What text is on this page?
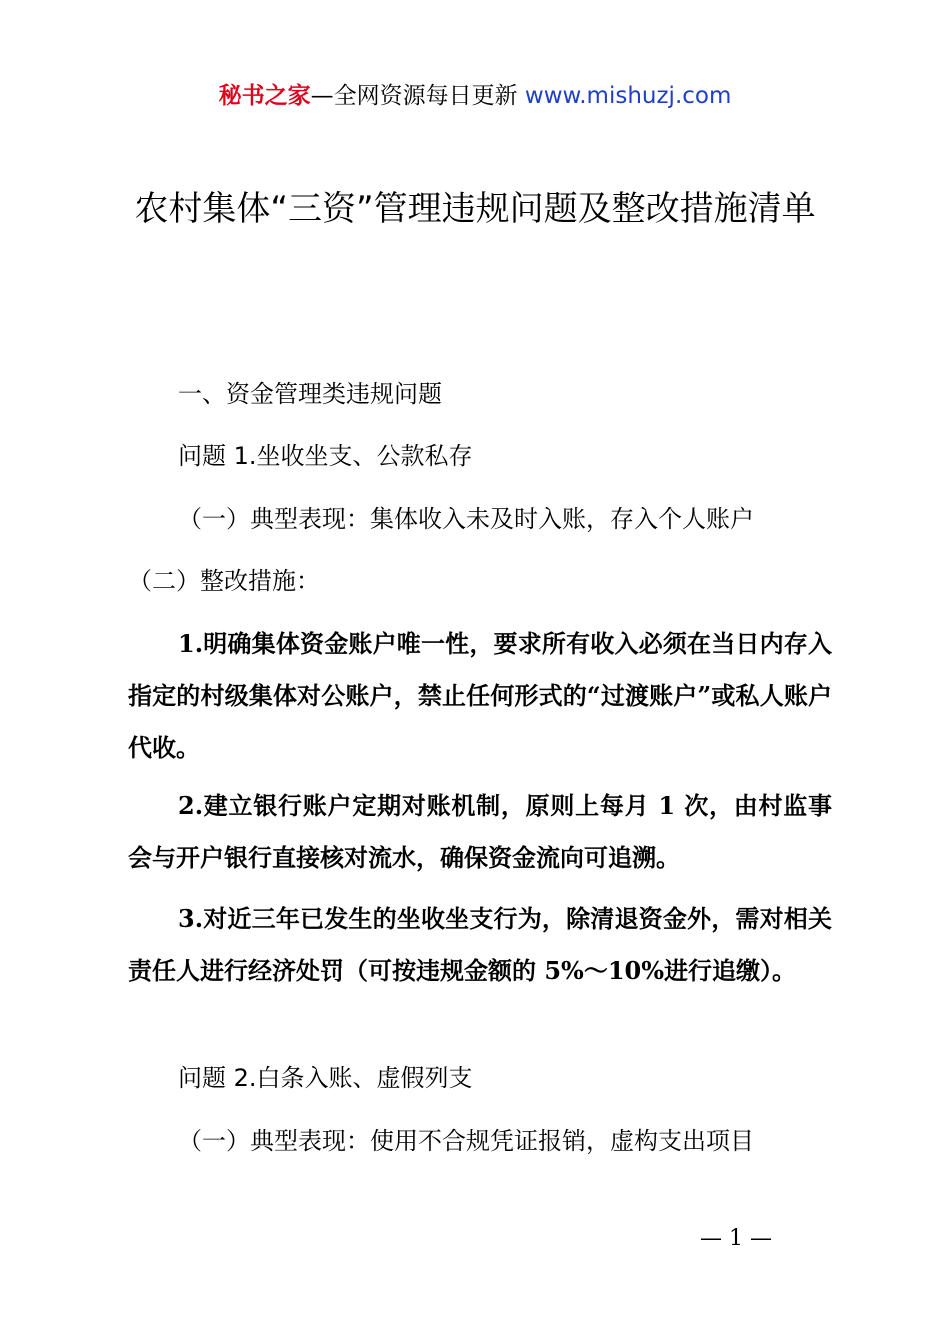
秘书之家—全网资源每日更新 www.mishuzj.com
农村集体“三资”管理违规问题及整改措施清单
一、资金管理类违规问题
问题 1.坐收坐支、公款私存
（一）典型表现：集体收入未及时入账，存入个人账户
（二）整改措施：
1.明确集体资金账户唯一性，要求所有收入必须在当日内存入指定的村级集体对公账户，禁止任何形式的“过渡账户”或私人账户代收。
2.建立银行账户定期对账机制，原则上每月 1 次，由村监事会与开户银行直接核对流水，确保资金流向可追溯。
3.对近三年已发生的坐收坐支行为，除清退资金外，需对相关责任人进行经济处罚（可按违规金额的 5%～10%进行追缴）。
问题 2.白条入账、虚假列支
（一）典型表现：使用不合规凭证报销，虚构支出项目
— 1 —
